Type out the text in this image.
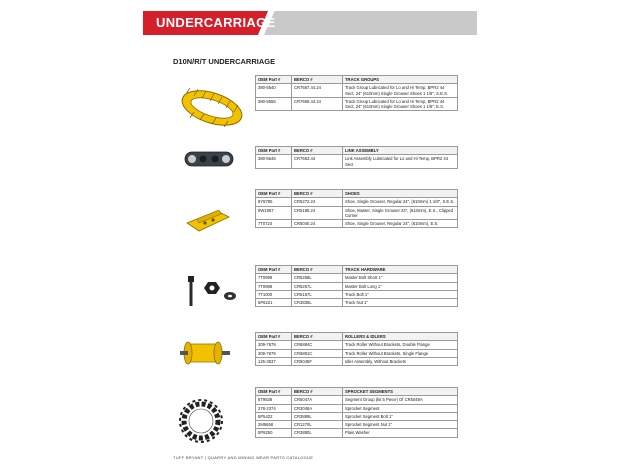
UNDERCARRIAGE
D10N/R/T UNDERCARRIAGE
OEM Part #	BERCO #	TRACK GROUPS
380-5540	CR7667.44.24	Track Group Lubricated for Lo and Hi Temp, BPR2 44 Sect, 24" (610mm) Single Grouser Shoes 1 1/8", S.E.S.
380-5558	CR7665.44.24	Track Group Lubricated for Lo and Hi Temp, BPR2 44 Sect, 24" (610mm) Single Grouser Shoes 1 1/8", E.S.
OEM Part #	BERCO #	LINK ASSEMBLY
380-5546	CR7663.44	Link Assembly Lubricated for Lo and Hi Temp, BPR2 44 Sect
OEM Part #	BERCO #	SHOES
8Y8785	CR5272.24	Shoe, Single Grouser, Regular 24", (610mm) 1 1/8", S.E.S.
9W1867	CR5188.24	Shoe, Master, Single Grouser 24", (610mm), E.S., Clipped Corner
7T0724	CR5040.24	Shoe, Single Grouser, Regular 24", (610mm), E.S.
OEM Part #	BERCO #	TRACK HARDWARE
7T0999	CR5258L	Master Bolt Short 1"
7T0988	CR5257L	Master Bolt Long 1"
7T1000	CR5167L	Track Bolt 1"
5P8221	CR3835L	Track Nut 1"
OEM Part #	BERCO #	ROLLERS & IDLERS
309-7678	CR6884C	Track Roller Without Brackets, Double Flange
309-7679	CR6881C	Track Roller Without Brackets, Single Flange
125-3537	CR5045F	Idler Assembly, Without Brackets
OEM Part #	BERCO #	SPROCKET SEGMENTS
6T9538	CR5047A	Segment Group (kit 5 Piece) Of CR5048A
278-2374	CR3048A	Sprocket Segment
5P5422	CR3889L	Sprocket Segment Bolt 1"
2M5658	CR1270L	Sprocket Segment Nut 1"
5P8250	CR3880L	Plain Washer
TUFF BRYANT | QUARRY AND MINING WEAR PARTS CATALOGUE
